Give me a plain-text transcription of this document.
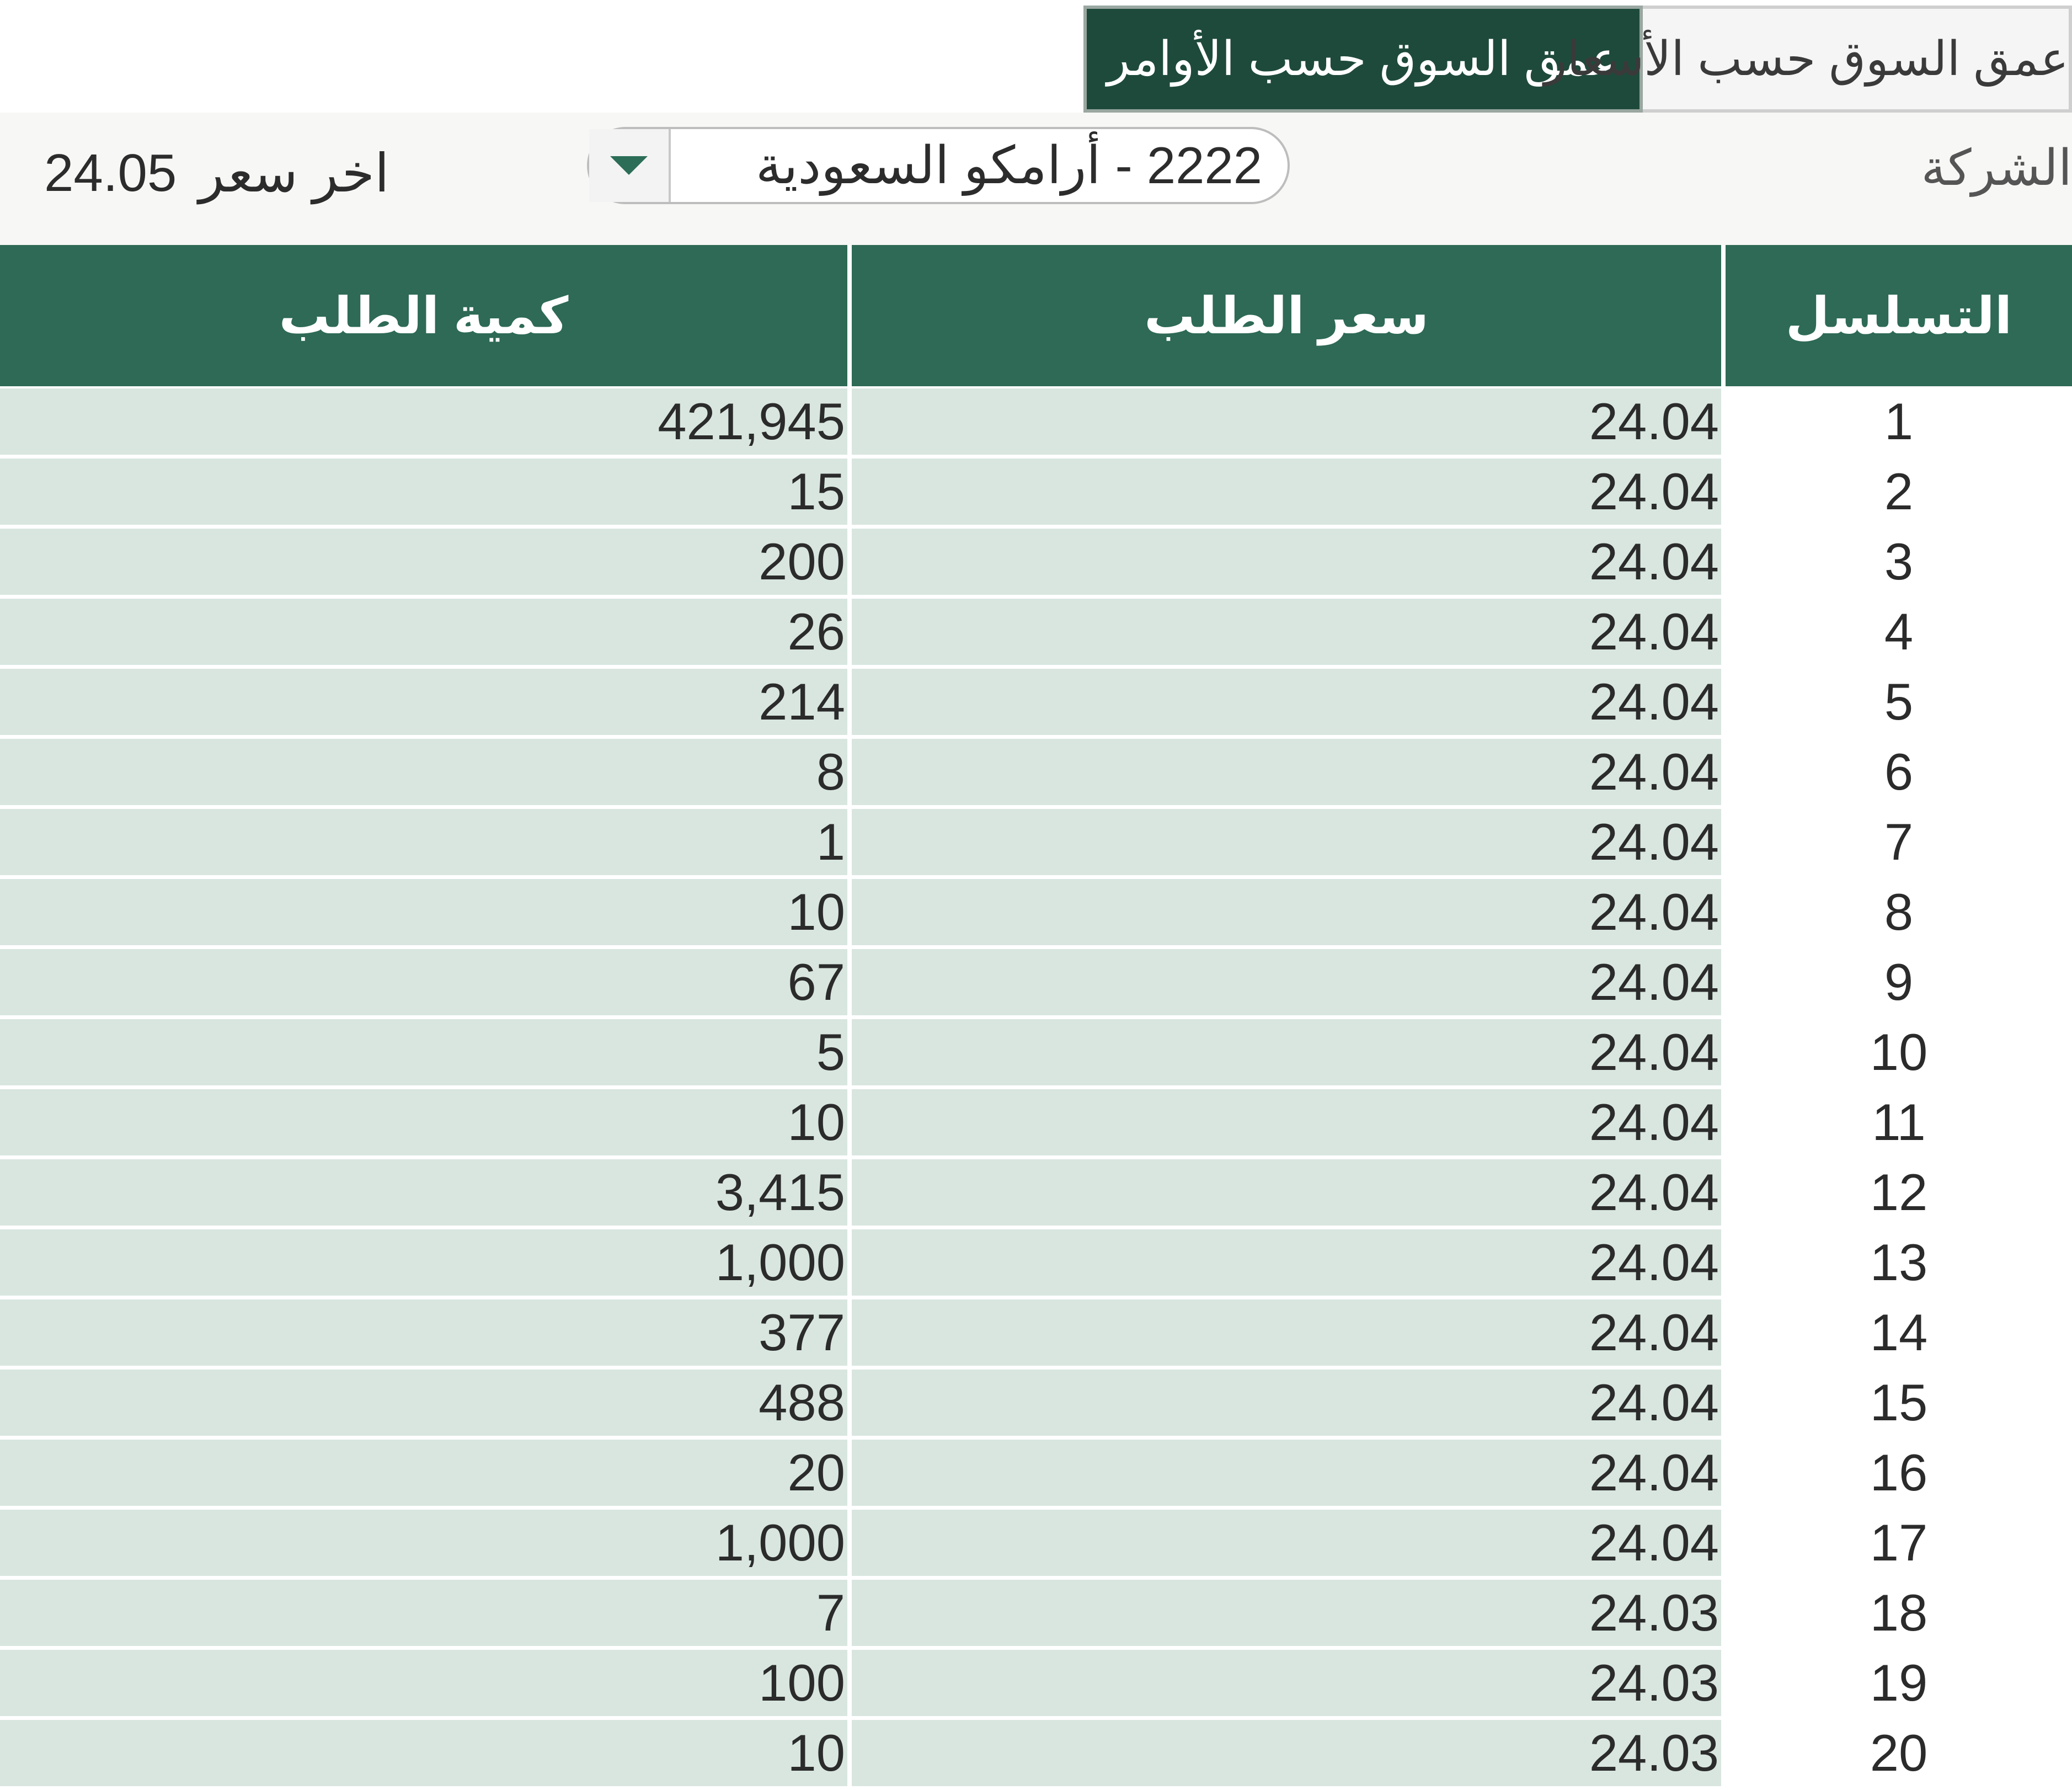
عمق السوق حسب الأوامر
عمق السوق حسب الأسعار
اخر سعر
24.05	2222 - أرامكو السعودية	الشركة
كمية الطلب	سعر الطلب	التسلسل
421,945	24.04	1
15	24.04	2
200	24.04	3
26	24.04	4
214	24.04	5
8	24.04	6
1	24.04	7
10	24.04	8
67	24.04	9
5	24.04	10
10	24.04	11
3,415	24.04	12
1,000	24.04	13
377	24.04	14
488	24.04	15
20	24.04	16
1,000	24.04	17
7	24.03	18
100	24.03	19
10	24.03	20
